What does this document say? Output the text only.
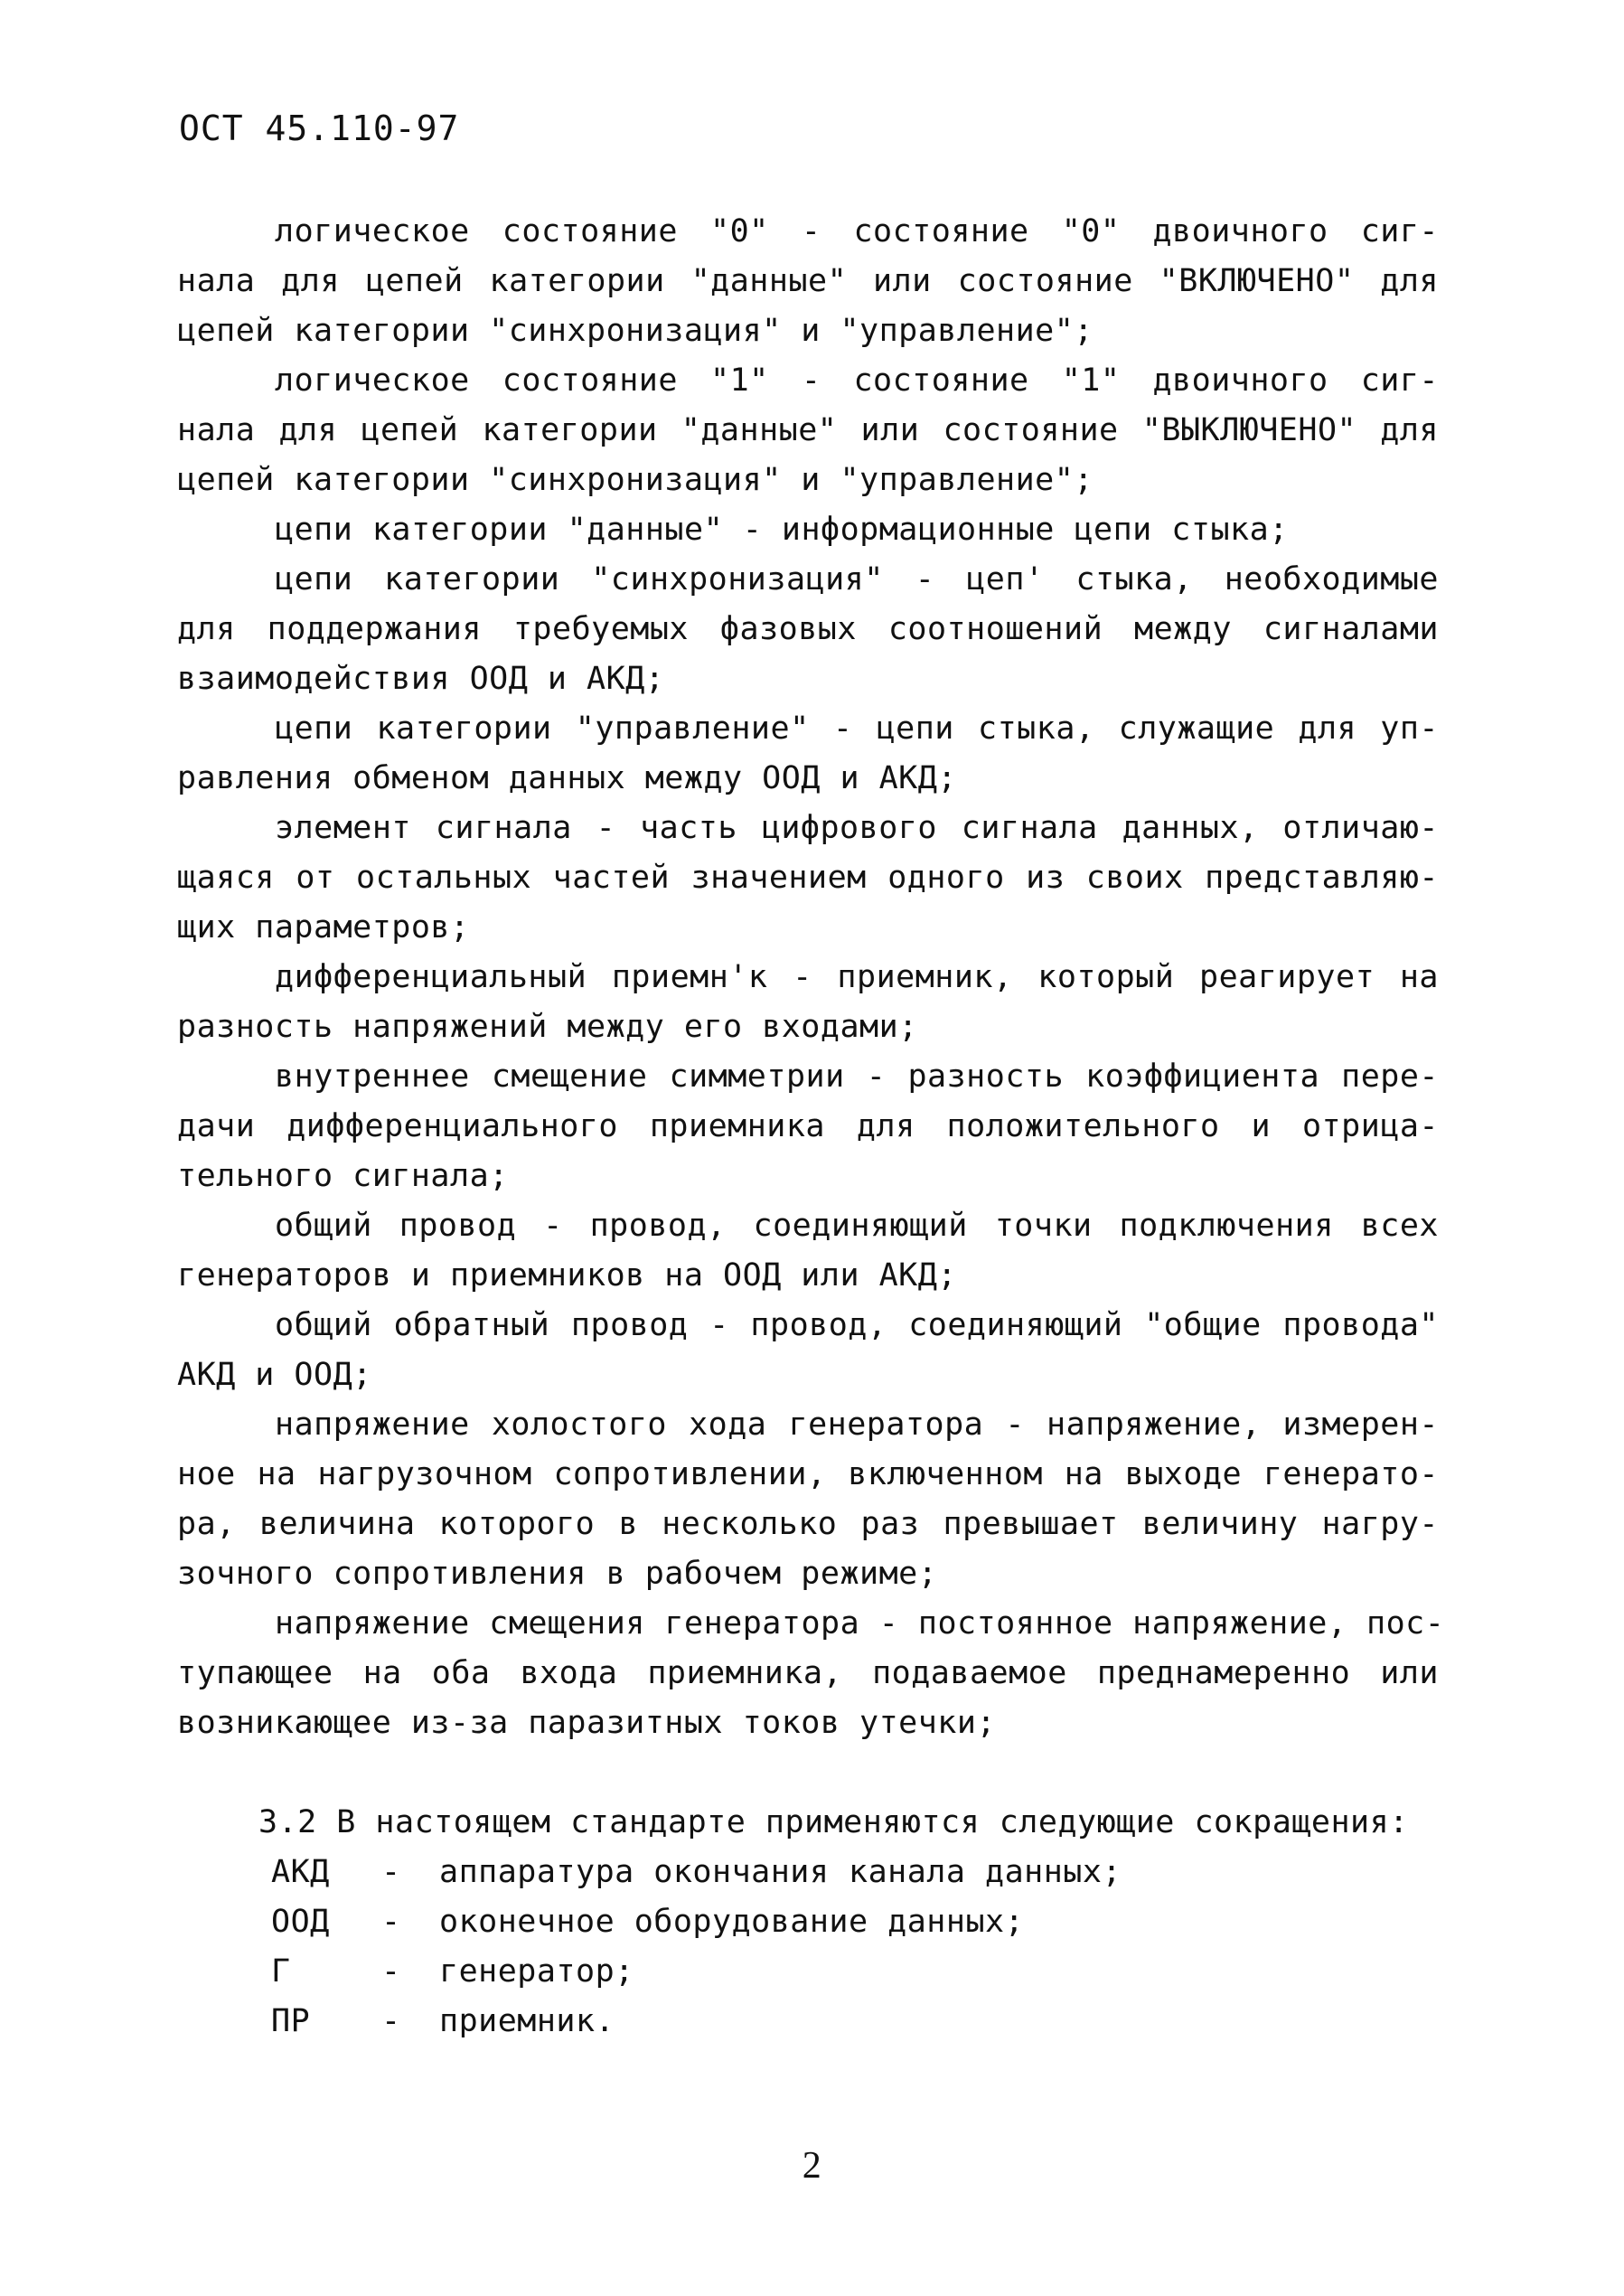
ОСТ 45.110-97
логическое состояние "0" - состояние "0" двоичного сиг-
нала для цепей категории "данные" или состояние "ВКЛЮЧЕНО" для
цепей категории "синхронизация" и "управление";
логическое состояние "1" - состояние "1" двоичного сиг-
нала для цепей категории "данные" или состояние "ВЫКЛЮЧЕНО" для
цепей категории "синхронизация" и "управление";
цепи категории "данные" - информационные цепи стыка;
цепи категории "синхронизация" - цеп' стыка, необходимые
для поддержания требуемых фазовых соотношений между сигналами
взаимодействия ООД и АКД;
цепи категории "управление" - цепи стыка, служащие для уп-
равления обменом данных между ООД и АКД;
элемент сигнала - часть цифрового сигнала данных, отличаю-
щаяся от остальных частей значением одного из своих представляю-
щих параметров;
дифференциальный приемн'к - приемник, который реагирует на
разность напряжений между его входами;
внутреннее смещение симметрии - разность коэффициента пере-
дачи дифференциального приемника для положительного и отрица-
тельного сигнала;
общий провод - провод, соединяющий точки подключения всех
генераторов и приемников на ООД или АКД;
общий обратный провод - провод, соединяющий "общие провода"
АКД и ООД;
напряжение холостого хода генератора - напряжение, измерен-
ное на нагрузочном сопротивлении, включенном на выходе генерато-
ра, величина которого в несколько раз превышает величину нагру-
зочного сопротивления в рабочем режиме;
напряжение смещения генератора - постоянное напряжение, пос-
тупающее на оба входа приемника, подаваемое преднамеренно или
возникающее из-за паразитных токов утечки;
3.2 В настоящем стандарте применяются следующие сокращения:
АКД - аппаратура окончания канала данных;
ООД - оконечное оборудование данных;
Г	- генератор;
ПР - приемник.
2
